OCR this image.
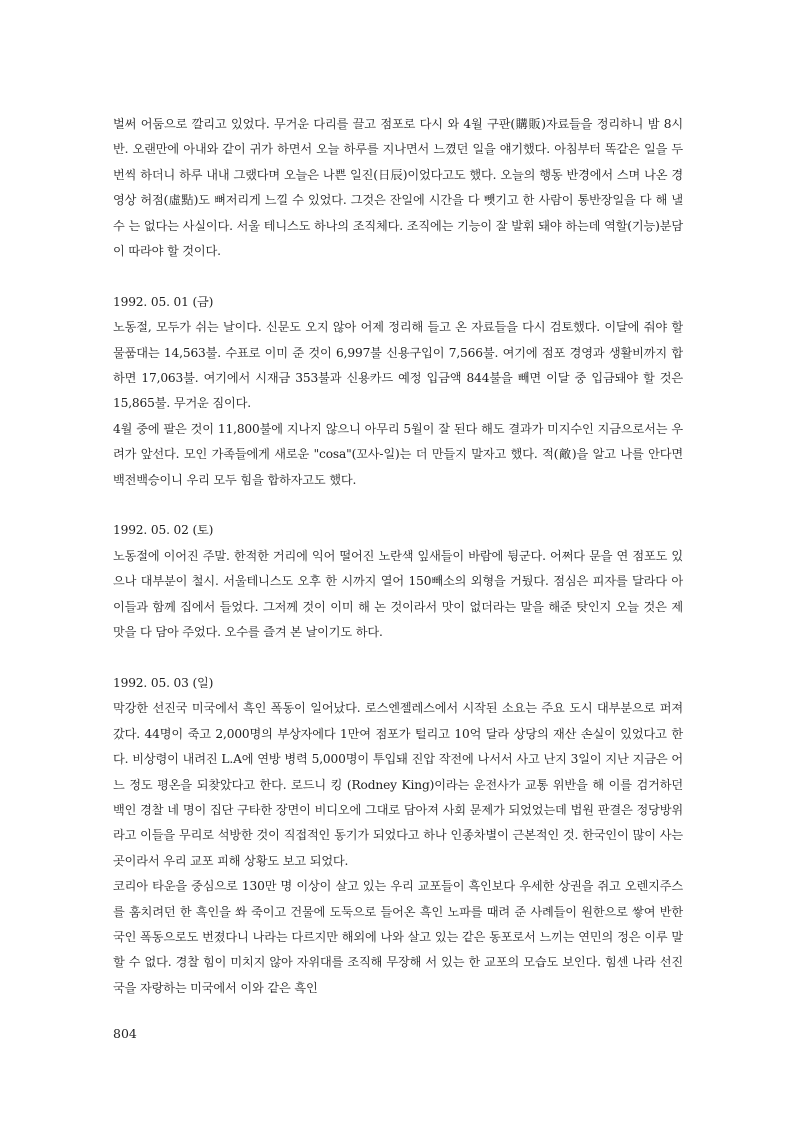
벌써 어둠으로 깔리고 있었다. 무거운 다리를 끌고 점포로 다시 와 4월 구판(購販)자료들을 정리하니 밤 8시반. 오랜만에 아내와 같이 귀가 하면서 오늘 하루를 지나면서 느꼈던 일을 얘기했다. 아침부터 똑같은 일을 두 번씩 하더니 하루 내내 그랬다며 오늘은 나쁜 일진(日辰)이었다고도 했다. 오늘의 행동 반경에서 스며 나온 경영상 허점(虛點)도 뼈저리게 느낄 수 있었다. 그것은 잔일에 시간을 다 뺏기고 한 사람이 통반장일을 다 해 낼 수 는 없다는 사실이다. 서울 테니스도 하나의 조직체다. 조직에는 기능이 잘 발휘 돼야 하는데 역할(기능)분담이 따라야 할 것이다.

1992. 05. 01 (금)

노동절, 모두가 쉬는 날이다. 신문도 오지 않아 어제 정리해 들고 온 자료들을 다시 검토했다. 이달에 줘야 할 물품대는 14,563불. 수표로 이미 준 것이 6,997불 신용구입이 7,566불. 여기에 점포 경영과 생활비까지 합하면 17,063불. 여기에서 시재금 353불과 신용카드 예정 입금액 844불을 빼면 이달 중 입금돼야 할 것은 15,865불. 무거운 짐이다.

4월 중에 팔은 것이 11,800불에 지나지 않으니 아무리 5월이 잘 된다 해도 결과가 미지수인 지금으로서는 우려가 앞선다. 모인 가족들에게 새로운 "cosa"(꼬사-일)는 더 만들지 말자고 했다. 적(敵)을 알고 나를 안다면 백전백승이니 우리 모두 힘을 합하자고도 했다.

1992. 05. 02 (토)

노동절에 이어진 주말. 한적한 거리에 익어 떨어진 노란색 잎새들이 바람에 뒹군다. 어쩌다 문을 연 점포도 있으나 대부분이 철시. 서울테니스도 오후 한 시까지 열어 150빼소의 외형을 거뒀다. 점심은 피자를 달라다 아이들과 함께 집에서 들었다. 그저께 것이 이미 해 논 것이라서 맛이 없더라는 말을 해준 탓인지 오늘 것은 제 맛을 다 담아 주었다. 오수를 즐겨 본 날이기도 하다.

1992. 05. 03 (일)

막강한 선진국 미국에서 흑인 폭동이 일어났다. 로스엔젤레스에서 시작된 소요는 주요 도시 대부분으로 퍼져 갔다. 44명이 죽고 2,000명의 부상자에다 1만여 점포가 털리고 10억 달라 상당의 재산 손실이 있었다고 한다. 비상령이 내려진 L.A에 연방 병력 5,000명이 투입돼 진압 작전에 나서서 사고 난지 3일이 지난 지금은 어느 정도 평온을 되찾았다고 한다. 로드니 킹 (Rodney King)이라는 운전사가 교통 위반을 해 이를 검거하던 백인 경찰 네 명이 집단 구타한 장면이 비디오에 그대로 담아져 사회 문제가 되었었는데 법원 판결은 정당방위라고 이들을 무리로 석방한 것이 직접적인 동기가 되었다고 하나 인종차별이 근본적인 것. 한국인이 많이 사는 곳이라서 우리 교포 피해 상황도 보고 되었다.

코리아 타운을 중심으로 130만 명 이상이 살고 있는 우리 교포들이 흑인보다 우세한 상권을 쥐고 오렌지주스를 훔치려던 한 흑인을 쏴 죽이고 건물에 도둑으로 들어온 흑인 노파를 때려 준 사례들이 원한으로 쌓여 반한국인 폭동으로도 번졌다니 나라는 다르지만 해외에 나와 살고 있는 같은 동포로서 느끼는 연민의 정은 이루 말 할 수 없다. 경찰 힘이 미치지 않아 자위대를 조직해 무장해 서 있는 한 교포의 모습도 보인다. 힘센 나라 선진국을 자랑하는 미국에서 이와 같은 흑인

804
